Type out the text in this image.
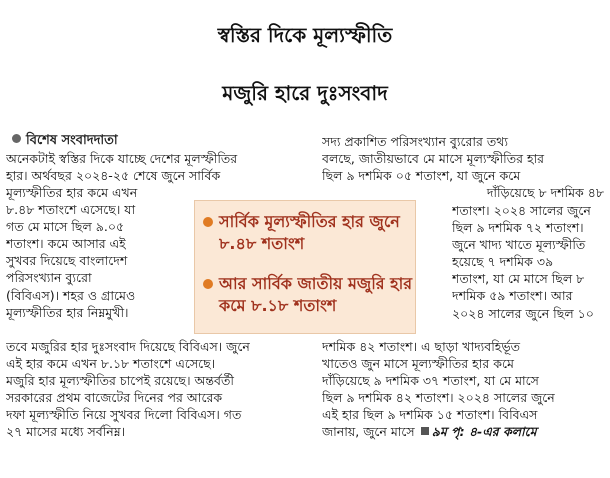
স্বস্তির দিকে মূল্যস্ফীতি
মজুরি হারে দুঃসংবাদ
বিশেষ সংবাদদাতা
অনেকটাই স্বস্তির দিকে যাচ্ছে দেশের মূলস্ফীতির
হার। অর্থবছর ২০২৪-২৫ শেষে জুনে সার্বিক
মূল্যস্ফীতির হার কমে এখন
৮.৪৮ শতাংশে এসেছে। যা
গত মে মাসে ছিল ৯.০৫
শতাংশ। কমে আসার এই
সুখবর দিয়েছে বাংলাদেশ
পরিসংখ্যান ব্যুরো
(বিবিএস)। শহর ও গ্রামেও
মূল্যস্ফীতির হার নিম্নমুখী।
তবে মজুরির হার দুঃসংবাদ দিয়েছে বিবিএস। জুনে
এই হার কমে এখন ৮.১৮ শতাংশে এসেছে।
মজুরি হার মূল্যস্ফীতির চাপেই রয়েছে। অন্তর্বর্তী
সরকারের প্রথম বাজেটের দিনের পর আরেক
দফা মূল্যস্ফীতি নিয়ে সুখবর দিলো বিবিএস। গত
২৭ মাসের মধ্যে সর্বনিম্ন।
সার্বিক মূল্যস্ফীতির হার জুনে ৮.৪৮ শতাংশ
আর সার্বিক জাতীয় মজুরি হার কমে ৮.১৮ শতাংশ
সদ্য প্রকাশিত পরিসংখ্যান ব্যুরোর তথ্য
বলছে, জাতীয়ভাবে মে মাসে মূল্যস্ফীতির হার
ছিল ৯ দশমিক ০৫ শতাংশ, যা জুনে কমে
দাঁড়িয়েছে ৮ দশমিক ৪৮
শতাংশ। ২০২৪ সালের জুনে
ছিল ৯ দশমিক ৭২ শতাংশ।
জুনে খাদ্য খাতে মূল্যস্ফীতি
হয়েছে ৭ দশমিক ৩৯
শতাংশ, যা মে মাসে ছিল ৮
দশমিক ৫৯ শতাংশ। আর
২০২৪ সালের জুনে ছিল ১০
দশমিক ৪২ শতাংশ। এ ছাড়া খাদ্যবহির্ভূত
খাতেও জুন মাসে মূল্যস্ফীতির হার কমে
দাঁড়িয়েছে ৯ দশমিক ৩৭ শতাংশ, যা মে মাসে
ছিল ৯ দশমিক ৪২ শতাংশ। ২০২৪ সালের জুনে
এই হার ছিল ৯ দশমিক ১৫ শতাংশ। বিবিএস
জানায়, জুনে মাসে ৯ম পৃ: ৪-এর কলামে
